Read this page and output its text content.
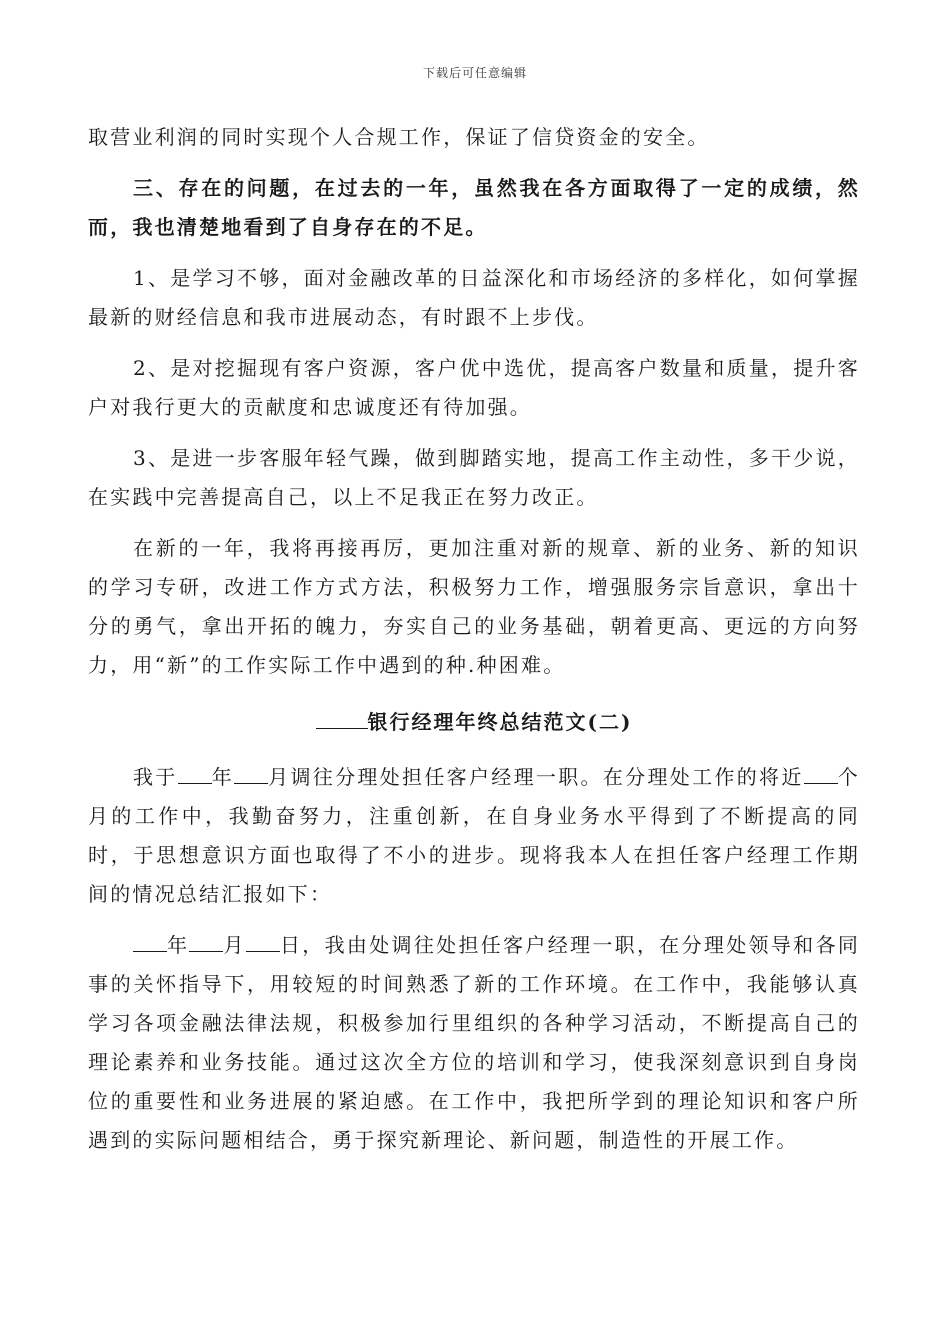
下载后可任意编辑

取营业利润的同时实现个人合规工作，保证了信贷资金的安全。

三、存在的问题，在过去的一年，虽然我在各方面取得了一定的成绩，然而，我也清楚地看到了自身存在的不足。

1、是学习不够，面对金融改革的日益深化和市场经济的多样化，如何掌握最新的财经信息和我市进展动态，有时跟不上步伐。

2、是对挖掘现有客户资源，客户优中选优，提高客户数量和质量，提升客户对我行更大的贡献度和忠诚度还有待加强。

3、是进一步客服年轻气躁，做到脚踏实地，提高工作主动性，多干少说，在实践中完善提高自己，以上不足我正在努力改正。

在新的一年，我将再接再厉，更加注重对新的规章、新的业务、新的知识的学习专研，改进工作方式方法，积极努力工作，增强服务宗旨意识，拿出十分的勇气，拿出开拓的魄力，夯实自己的业务基础，朝着更高、更远的方向努力，用“新”的工作实际工作中遇到的种.种困难。

银行经理年终总结范文(二)

我于 年 月调往分理处担任客户经理一职。在分理处工作的将近 个月的工作中，我勤奋努力，注重创新，在自身业务水平得到了不断提高的同时，于思想意识方面也取得了不小的进步。现将我本人在担任客户经理工作期间的情况总结汇报如下：

年 月 日，我由处调往处担任客户经理一职，在分理处领导和各同事的关怀指导下，用较短的时间熟悉了新的工作环境。在工作中，我能够认真学习各项金融法律法规，积极参加行里组织的各种学习活动，不断提高自己的理论素养和业务技能。通过这次全方位的培训和学习，使我深刻意识到自身岗位的重要性和业务进展的紧迫感。在工作中，我把所学到的理论知识和客户所遇到的实际问题相结合，勇于探究新理论、新问题，制造性的开展工作。
